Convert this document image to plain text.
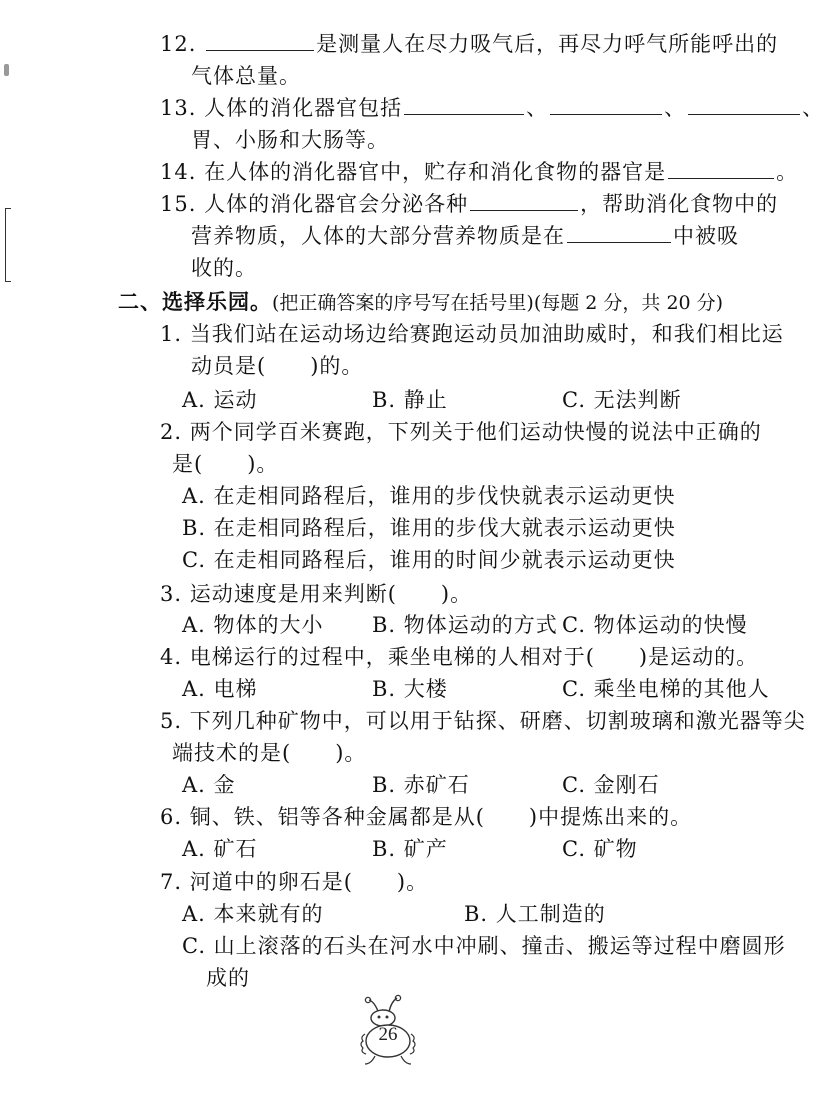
12.	是测量人在尽力吸气后，再尽力呼气所能呼出的
气体总量。
13. 人体的消化器官包括	、	、	、
胃、小肠和大肠等。
14. 在人体的消化器官中，贮存和消化食物的器官是	。
15. 人体的消化器官会分泌各种	，帮助消化食物中的
营养物质，人体的大部分营养物质是在	中被吸
收的。
二、选择乐园。(把正确答案的序号写在括号里)(每题 2 分，共 20 分)
1. 当我们站在运动场边给赛跑运动员加油助威时，和我们相比运
动员是(　　)的。
A. 运动	B. 静止	C. 无法判断
2. 两个同学百米赛跑，下列关于他们运动快慢的说法中正确的
是(　　)。
A. 在走相同路程后，谁用的步伐快就表示运动更快
B. 在走相同路程后，谁用的步伐大就表示运动更快
C. 在走相同路程后，谁用的时间少就表示运动更快
3. 运动速度是用来判断(　　)。
A. 物体的大小 B. 物体运动的方式 C. 物体运动的快慢
4. 电梯运行的过程中，乘坐电梯的人相对于(　　)是运动的。
A. 电梯	B. 大楼	C. 乘坐电梯的其他人
5. 下列几种矿物中，可以用于钻探、研磨、切割玻璃和激光器等尖
端技术的是(　　)。
A. 金	B. 赤矿石	C. 金刚石
6. 铜、铁、铝等各种金属都是从(　　)中提炼出来的。
A. 矿石	B. 矿产	C. 矿物
7. 河道中的卵石是(　　)。
A. 本来就有的	B. 人工制造的
C. 山上滚落的石头在河水中冲刷、撞击、搬运等过程中磨圆形
成的
26
